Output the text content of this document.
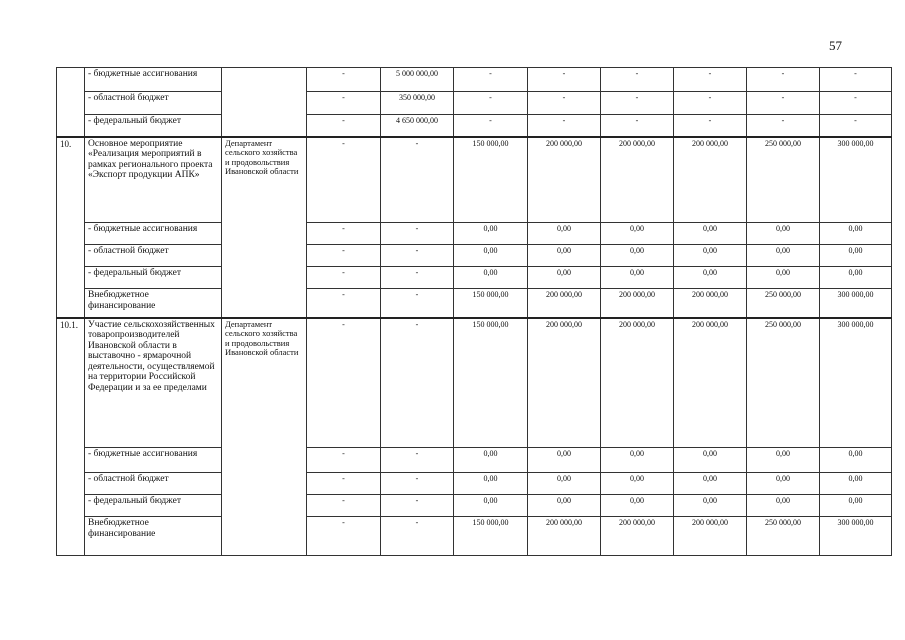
57
	- бюджетные ассигнования		-	5 000 000,00	-	-	-	-	-	-
	- областной бюджет		-	350 000,00	-	-	-	-	-	-
	- федеральный бюджет		-	4 650 000,00	-	-	-	-	-	-
10.	Основное мероприятие «Реализация мероприятий в рамках регионального проекта «Экспорт продукции АПК»	Департамент сельского хозяйства и продовольствия Ивановской области	-	-	150 000,00	200 000,00	200 000,00	200 000,00	250 000,00	300 000,00
	- бюджетные ассигнования		-	-	0,00	0,00	0,00	0,00	0,00	0,00
	- областной бюджет		-	-	0,00	0,00	0,00	0,00	0,00	0,00
	- федеральный бюджет		-	-	0,00	0,00	0,00	0,00	0,00	0,00
	Внебюджетное финансирование		-	-	150 000,00	200 000,00	200 000,00	200 000,00	250 000,00	300 000,00
10.1.	Участие сельскохозяйственных товаропроизводителей Ивановской области в выставочно - ярмарочной деятельности, осуществляемой на территории Российской Федерации и за ее пределами	Департамент сельского хозяйства и продовольствия Ивановской области	-	-	150 000,00	200 000,00	200 000,00	200 000,00	250 000,00	300 000,00
	- бюджетные ассигнования		-	-	0,00	0,00	0,00	0,00	0,00	0,00
	- областной бюджет		-	-	0,00	0,00	0,00	0,00	0,00	0,00
	- федеральный бюджет		-	-	0,00	0,00	0,00	0,00	0,00	0,00
	Внебюджетное финансирование		-	-	150 000,00	200 000,00	200 000,00	200 000,00	250 000,00	300 000,00
